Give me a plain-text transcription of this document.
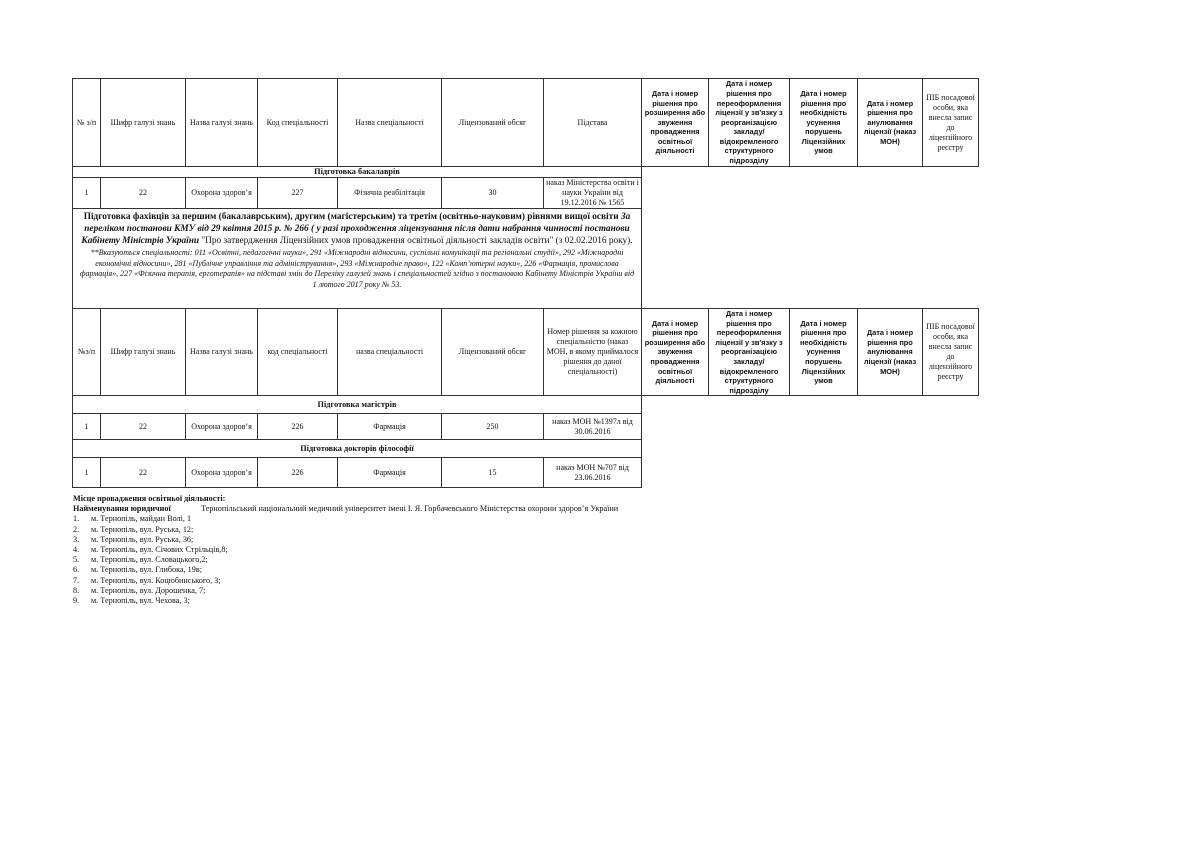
№ з/п	Шифр галузі знань	Назва галузі знань	Код спеціальності	Назва спеціальності	Ліцензований обсяг	Підстава	Дата і номер рішення про розширення або звуження провадження освітньої діяльності	Дата і номер рішення про переоформлення ліцензії у зв'язку з реорганізацією закладу/відокремленого структурного підрозділу	Дата і номер рішення про необхідність усунення порушень Ліцензійних умов	Дата і номер рішення про анулювання ліцензії (наказ МОН)	ПІБ посадової особи, яка внесла запис до ліцензійного реєстру
Підготовка бакалаврів											
1	22	Охорона здоров’я	227	Фізична реабілітація	30	наказ Міністерства освіти і науки України від 19.12.2016 № 1565					

Підготовка фахівців за першим (бакалаврським), другим (магістерським) та третім (освітньо-науковим) рівнями вищої освіти За переліком постанови КМУ від 29 квітня 2015 р. № 266 ( у разі проходження ліцензування після дати набрання чинності постанови Кабінету Міністрів України "Про затвердження Ліцензійних умов провадження освітньої діяльності закладів освіти" (з 02.02.2016 року).

**Вказуються спеціальності: 011 «Освітні, педагогічні науки», 291 «Міжнародні відносини, суспільні комунікації та регіональні студії», 292 «Міжнародні економічні відносини», 281 «Публічне управління та адміністрування», 293 «Міжнародне право», 122 «Комп’ютерні науки», 226 «Фармація, промислова фармація», 227 «Фізична терапія, ерготерапія» на підставі змін до Переліку галузей знань і спеціальностей згідно з постановою Кабінету Міністрів України від 1 лютого 2017 року № 53.

№з/п	Шифр галузі знань	Назва галузі знань	код спеціальності	назва спеціальності	Ліцензований обсяг	Номер рішення за кожною спеціальністю (наказ МОН, в якому приймалося рішення до даної спеціальності)	Дата і номер рішення про розширення або звуження провадження освітньої діяльності	Дата і номер рішення про переоформлення ліцензії у зв'язку з реорганізацією закладу/відокремленого структурного підрозділу	Дата і номер рішення про необхідність усунення порушень Ліцензійних умов	Дата і номер рішення про анулювання ліцензії (наказ МОН)	ПІБ посадової особи, яка внесла запис до ліцензійного реєстру
Підготовка магістрів											
1	22	Охорона здоров’я	226	Фармація	250	наказ МОН №1397л від 30.06.2016					
Підготовка докторів філософії											
1	22	Охорона здоров’я	226	Фармація	15	наказ МОН №707 від 23.06.2016					
Місце провадження освітньої діяльності:
Найменування юридичної	Тернопільський національний медичний університет імені І. Я. Горбачевського Міністерства охорони здоров’я України
1.	м. Тернопіль, майдан Волі, 1
2.	м. Тернопіль, вул. Руська, 12;
3.	м. Тернопіль, вул. Руська, 36;
4.	м. Тернопіль, вул. Січових Стрільців,8;
5.	м. Тернопіль, вул. Словацького,2;
6.	м. Тернопіль, вул. Глибока, 19в;
7.	м. Тернопіль, вул. Коцюбинського, 3;
8.	м. Тернопіль, вул. Дорошенка, 7;
9.	м. Тернопіль, вул. Чехова, 3;
